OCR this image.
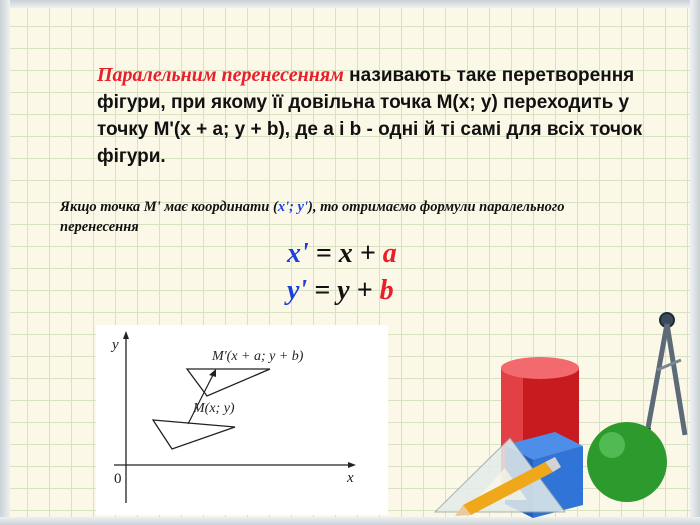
Паралельним перенесенням називають таке перетворення фігури, при якому її довільна точка М(х; у) переходить у точку М'(х + а; у + b), де а і b - одні й ті самі для всіх точок фігури.

Якщо точка М' має координати (x'; y'), то отримаємо формули паралельного перенесення

x' = x + a
y' = y + b
y
x
0
M(x; y)
M'(x + a; y + b)
